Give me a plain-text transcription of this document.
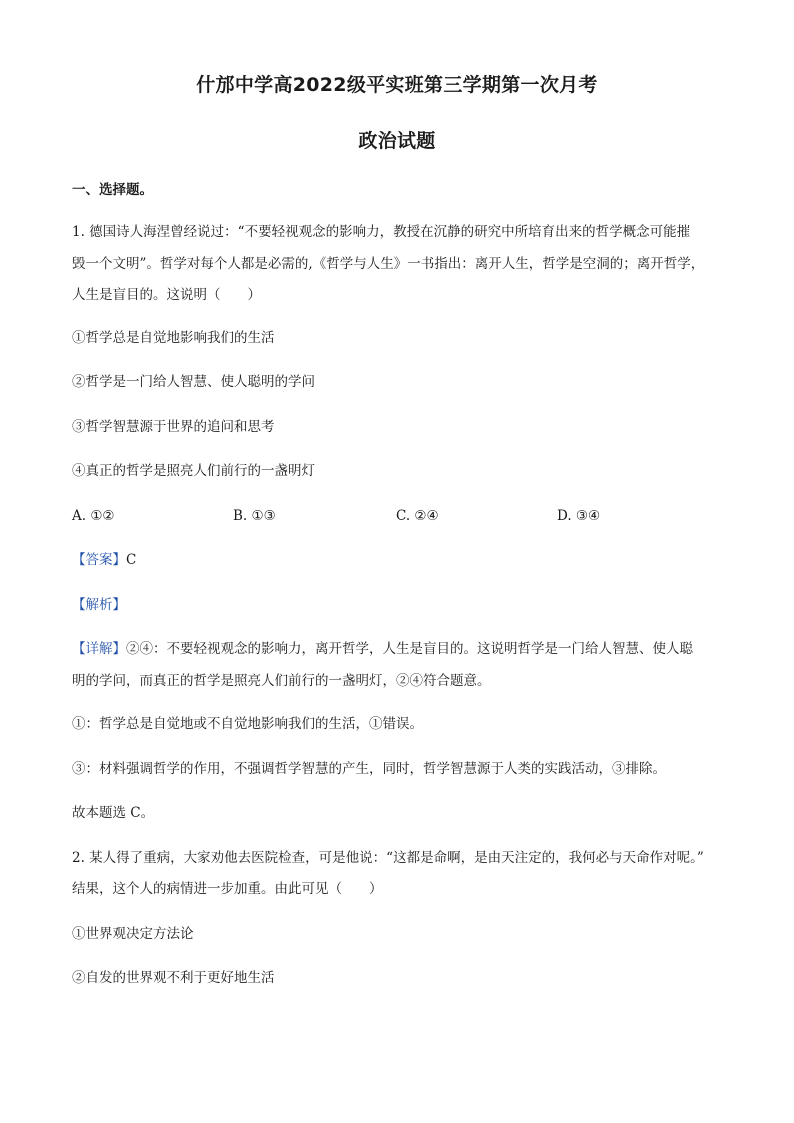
什邡中学高2022级平实班第三学期第一次月考
政治试题
一、选择题。
1. 德国诗人海涅曾经说过：“不要轻视观念的影响力，教授在沉静的研究中所培育出来的哲学概念可能摧
毁一个文明”。哲学对每个人都是必需的,《哲学与人生》一书指出：离开人生，哲学是空洞的；离开哲学，
人生是盲目的。这说明（　　）
①哲学总是自觉地影响我们的生活
②哲学是一门给人智慧、使人聪明的学问
③哲学智慧源于世界的追问和思考
④真正的哲学是照亮人们前行的一盏明灯
A. ①②	B. ①③	C. ②④	D. ③④
【答案】C
【解析】
【详解】②④：不要轻视观念的影响力，离开哲学，人生是盲目的。这说明哲学是一门给人智慧、使人聪
明的学问，而真正的哲学是照亮人们前行的一盏明灯，②④符合题意。
①：哲学总是自觉地或不自觉地影响我们的生活，①错误。
③：材料强调哲学的作用，不强调哲学智慧的产生，同时，哲学智慧源于人类的实践活动，③排除。
故本题选 C。
2. 某人得了重病，大家劝他去医院检查，可是他说：“这都是命啊，是由天注定的，我何必与天命作对呢。”
结果，这个人的病情进一步加重。由此可见（　　）
①世界观决定方法论
②自发的世界观不利于更好地生活
